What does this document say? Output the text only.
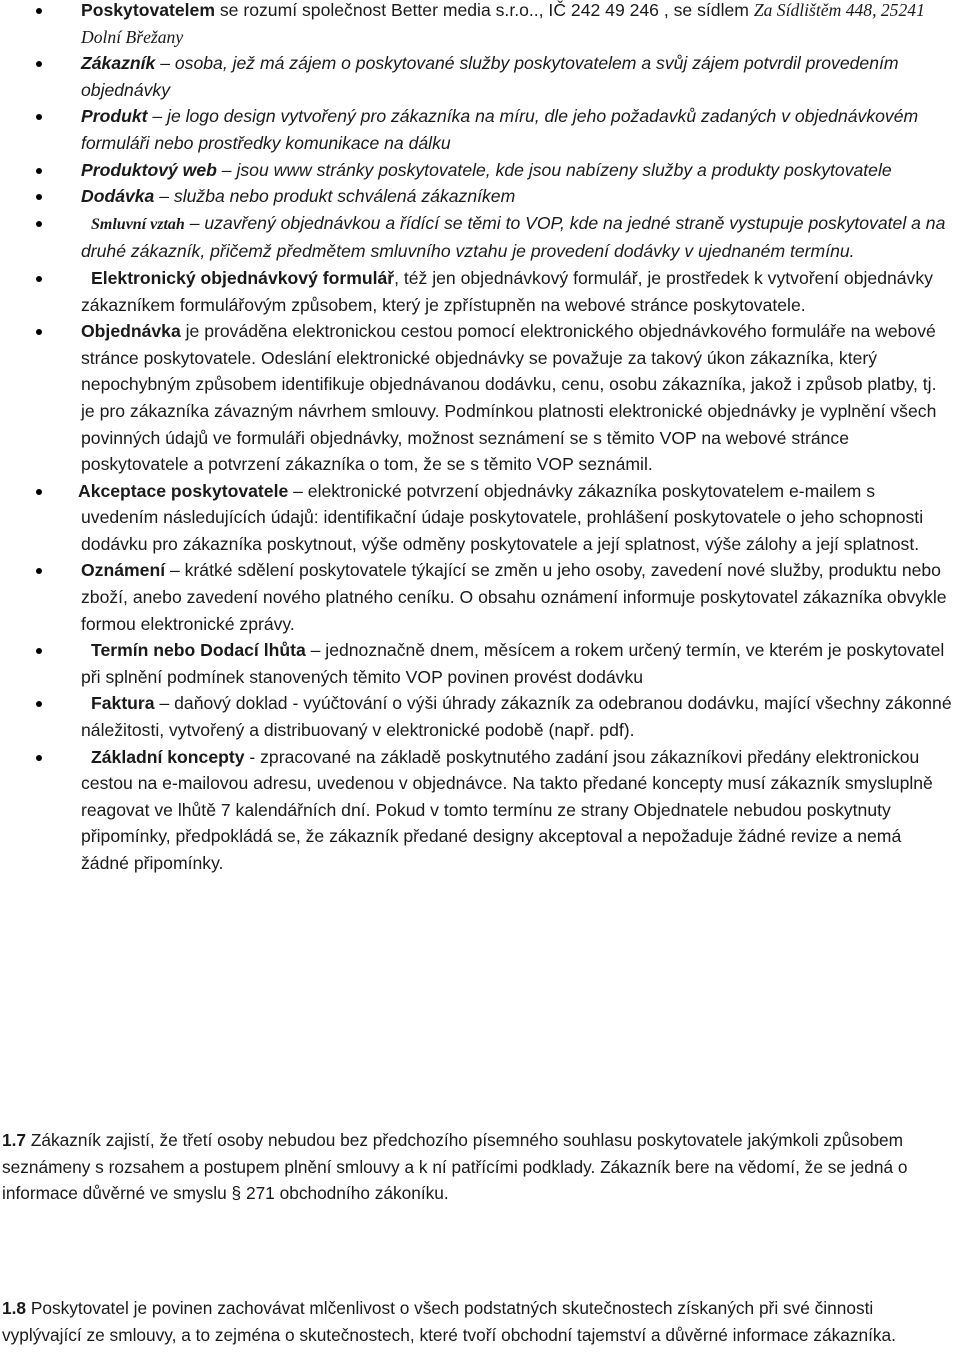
Poskytovatelem se rozumí společnost Better media s.r.o.., IČ 242 49 246 , se sídlem Za Sídlištěm 448, 25241 Dolní Břežany
Zákazník – osoba, jež má zájem o poskytované služby poskytovatelem a svůj zájem potvrdil provedením objednávky
Produkt – je logo design vytvořený pro zákazníka na míru, dle jeho požadavků zadaných v objednávkovém formuláři nebo prostředky komunikace na dálku
Produktový web – jsou www stránky poskytovatele, kde jsou nabízeny služby a produkty poskytovatele
Dodávka – služba nebo produkt schválená zákazníkem
Smluvní vztah – uzavřený objednávkou a řídící se těmi to VOP, kde na jedné straně vystupuje poskytovatel a na druhé zákazník, přičemž předmětem smluvního vztahu je provedení dodávky v ujednaném termínu.
Elektronický objednávkový formulář, též jen objednávkový formulář, je prostředek k vytvoření objednávky zákazníkem formulářovým způsobem, který je zpřístupněn na webové stránce poskytovatele.
Objednávka je prováděna elektronickou cestou pomocí elektronického objednávkového formuláře na webové stránce poskytovatele. Odeslání elektronické objednávky se považuje za takový úkon zákazníka, který nepochybným způsobem identifikuje objednávanou dodávku, cenu, osobu zákazníka, jakož i způsob platby, tj. je pro zákazníka závazným návrhem smlouvy. Podmínkou platnosti elektronické objednávky je vyplnění všech povinných údajů ve formuláři objednávky, možnost seznámení se s těmito VOP na webové stránce poskytovatele a potvrzení zákazníka o tom, že se s těmito VOP seznámil.
Akceptace poskytovatele – elektronické potvrzení objednávky zákazníka poskytovatelem e-mailem s uvedením následujících údajů: identifikační údaje poskytovatele, prohlášení poskytovatele o jeho schopnosti dodávku pro zákazníka poskytnout, výše odměny poskytovatele a její splatnost, výše zálohy a její splatnost.
Oznámení – krátké sdělení poskytovatele týkající se změn u jeho osoby, zavedení nové služby, produktu nebo zboží, anebo zavedení nového platného ceníku. O obsahu oznámení informuje poskytovatel zákazníka obvykle formou elektronické zprávy.
Termín nebo Dodací lhůta – jednoznačně dnem, měsícem a rokem určený termín, ve kterém je poskytovatel při splnění podmínek stanovených těmito VOP povinen provést dodávku
Faktura – daňový doklad - vyúčtování o výši úhrady zákazník za odebranou dodávku, mající všechny zákonné náležitosti, vytvořený a distribuovaný v elektronické podobě (např. pdf).
Základní koncepty - zpracované na základě poskytnutého zadání jsou zákazníkovi předány elektronickou cestou na e-mailovou adresu, uvedenou v objednávce. Na takto předané koncepty musí zákazník smysluplně reagovat ve lhůtě 7 kalendářních dní. Pokud v tomto termínu ze strany Objednatele nebudou poskytnuty připomínky, předpokládá se, že zákazník předané designy akceptoval a nepožaduje žádné revize a nemá žádné připomínky.

1.7 Zákazník zajistí, že třetí osoby nebudou bez předchozího písemného souhlasu poskytovatele jakýmkoli způsobem seznámeny s rozsahem a postupem plnění smlouvy a k ní patřícími podklady. Zákazník bere na vědomí, že se jedná o informace důvěrné ve smyslu § 271 obchodního zákoníku.

1.8 Poskytovatel je povinen zachovávat mlčenlivost o všech podstatných skutečnostech získaných při své činnosti vyplývající ze smlouvy, a to zejména o skutečnostech, které tvoří obchodní tajemství a důvěrné informace zákazníka.
